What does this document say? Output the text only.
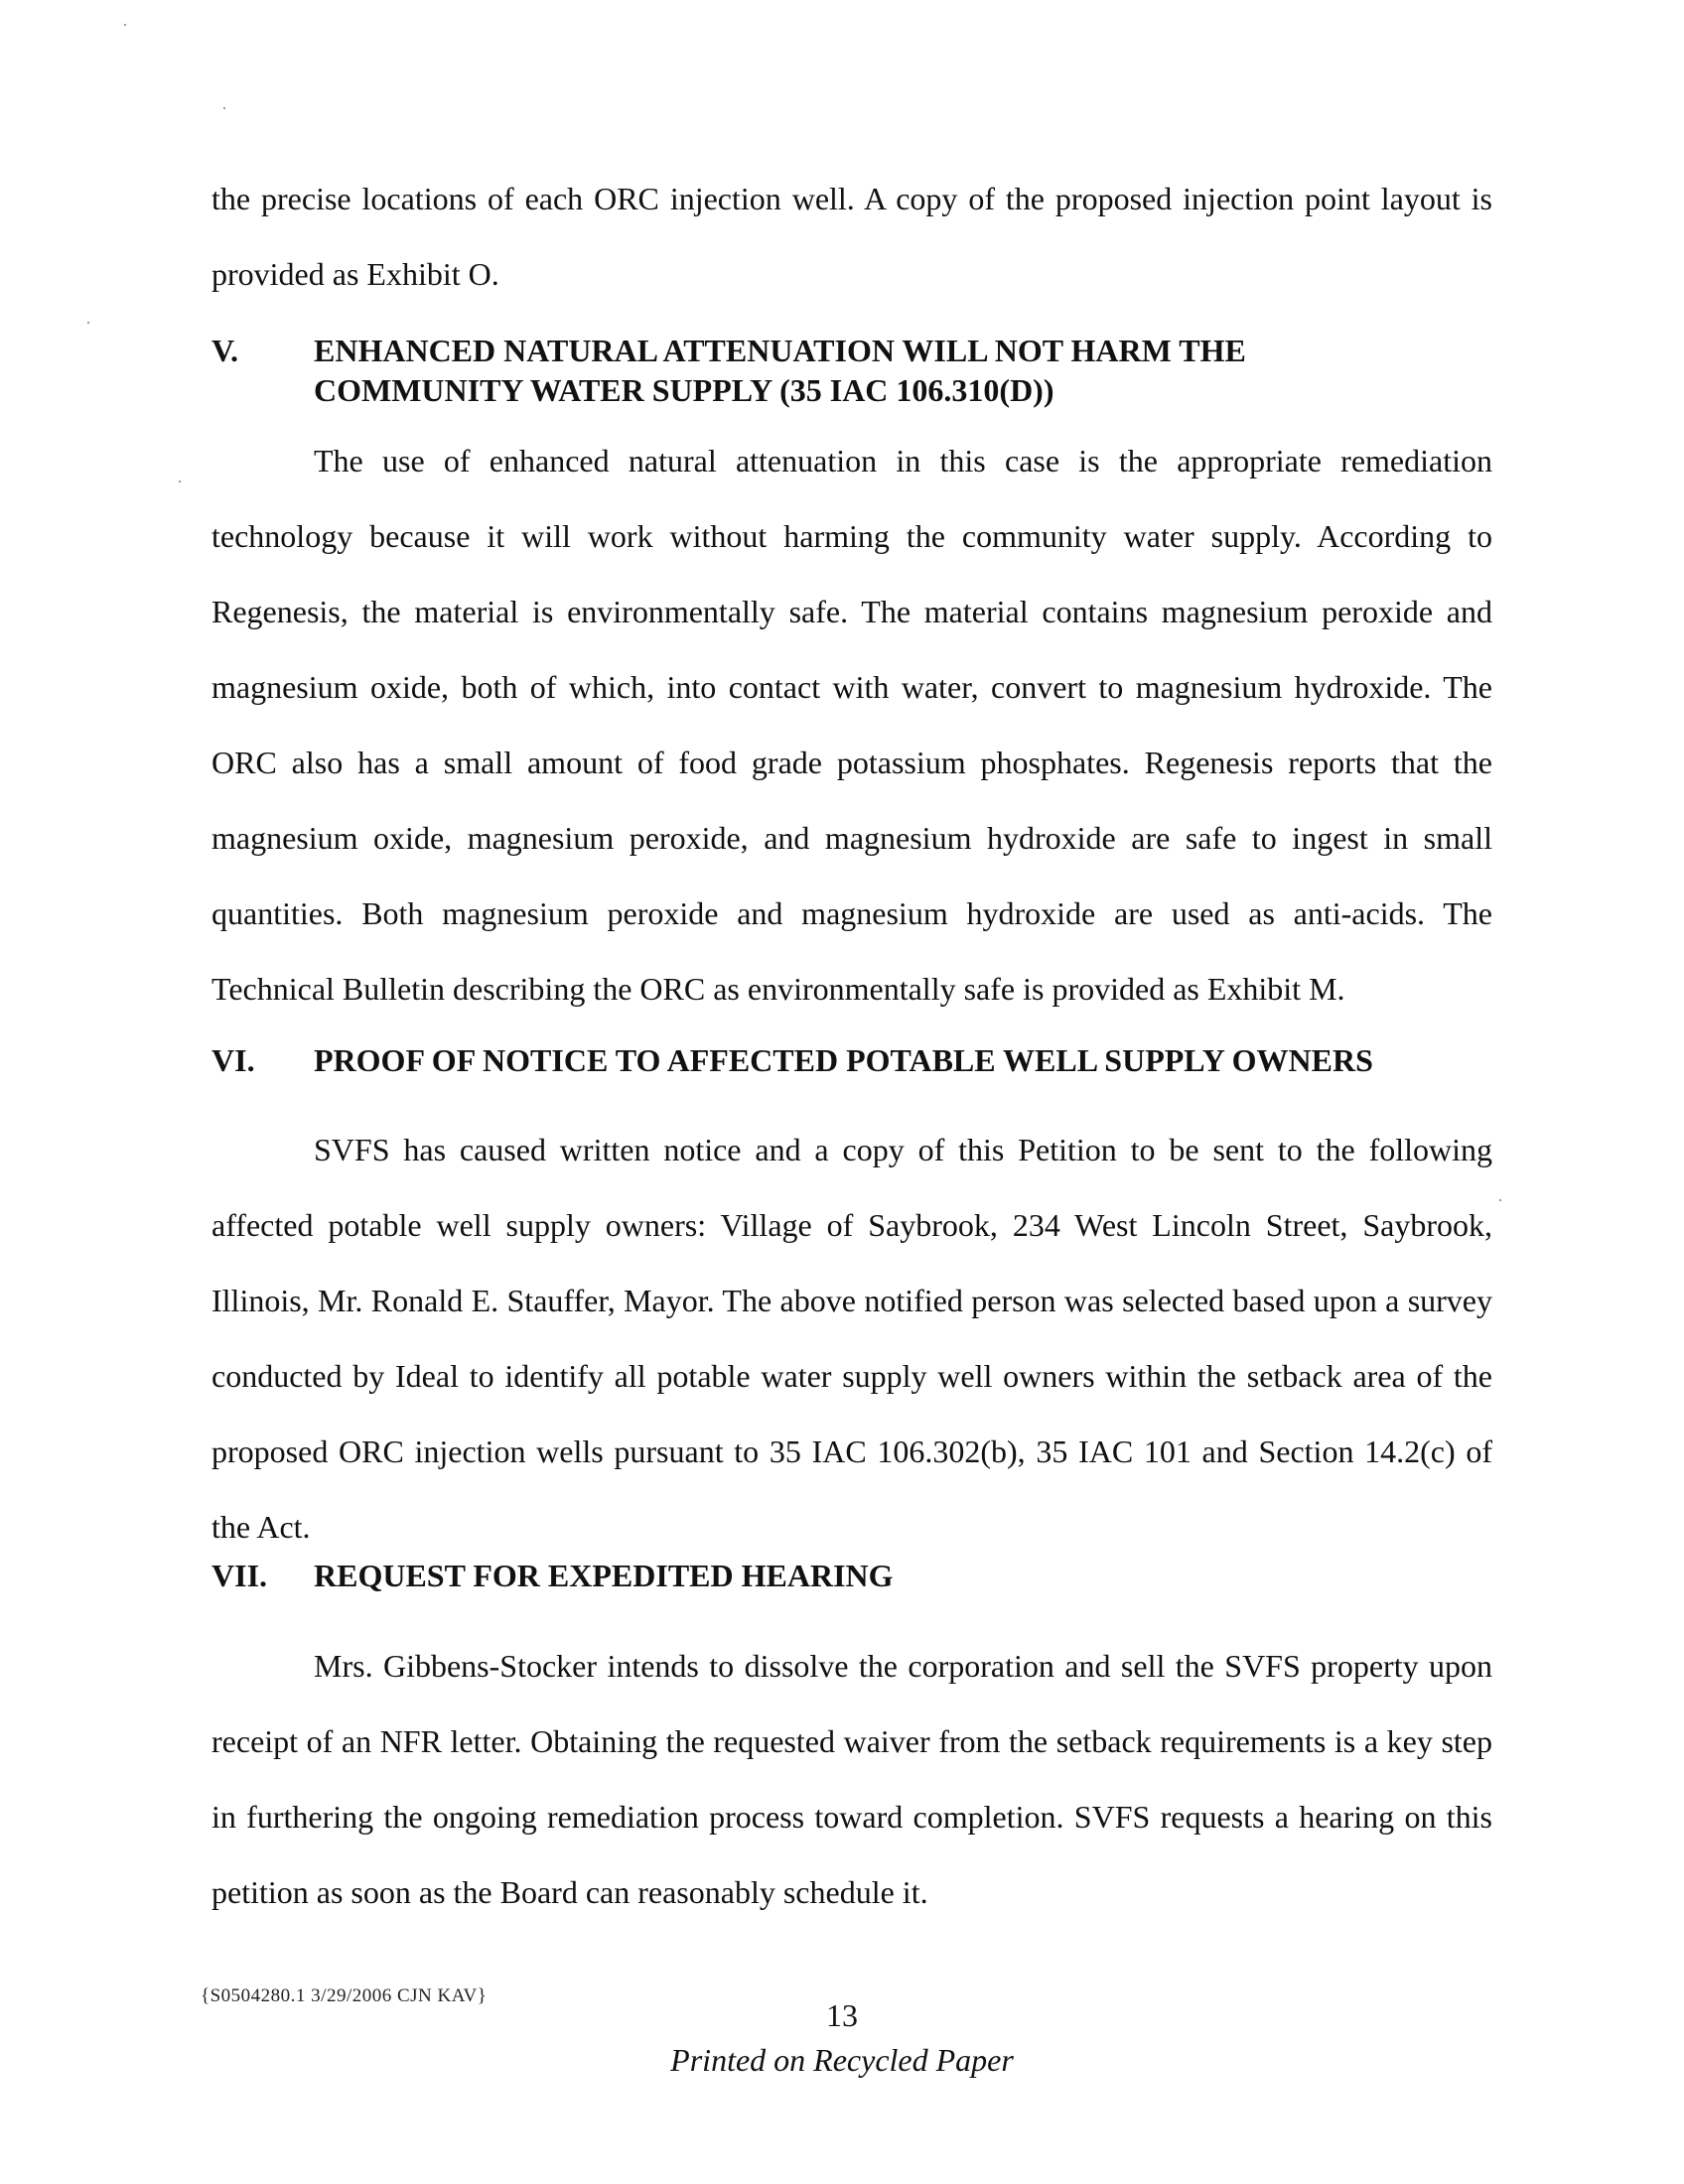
the precise locations of each ORC injection well. A copy of the proposed injection point layout is provided as Exhibit O.

V.	ENHANCED NATURAL ATTENUATION WILL NOT HARM THE
COMMUNITY WATER SUPPLY (35 IAC 106.310(D))

The use of enhanced natural attenuation in this case is the appropriate remediation technology because it will work without harming the community water supply. According to Regenesis, the material is environmentally safe. The material contains magnesium peroxide and magnesium oxide, both of which, into contact with water, convert to magnesium hydroxide. The ORC also has a small amount of food grade potassium phosphates. Regenesis reports that the magnesium oxide, magnesium peroxide, and magnesium hydroxide are safe to ingest in small quantities. Both magnesium peroxide and magnesium hydroxide are used as anti-acids. The Technical Bulletin describing the ORC as environmentally safe is provided as Exhibit M.

VI.	PROOF OF NOTICE TO AFFECTED POTABLE WELL SUPPLY OWNERS

SVFS has caused written notice and a copy of this Petition to be sent to the following affected potable well supply owners: Village of Saybrook, 234 West Lincoln Street, Saybrook, Illinois, Mr. Ronald E. Stauffer, Mayor. The above notified person was selected based upon a survey conducted by Ideal to identify all potable water supply well owners within the setback area of the proposed ORC injection wells pursuant to 35 IAC 106.302(b), 35 IAC 101 and Section 14.2(c) of the Act.

VII.	REQUEST FOR EXPEDITED HEARING

Mrs. Gibbens-Stocker intends to dissolve the corporation and sell the SVFS property upon receipt of an NFR letter. Obtaining the requested waiver from the setback requirements is a key step in furthering the ongoing remediation process toward completion. SVFS requests a hearing on this petition as soon as the Board can reasonably schedule it.

{S0504280.1 3/29/2006 CJN KAV}
13
Printed on Recycled Paper
